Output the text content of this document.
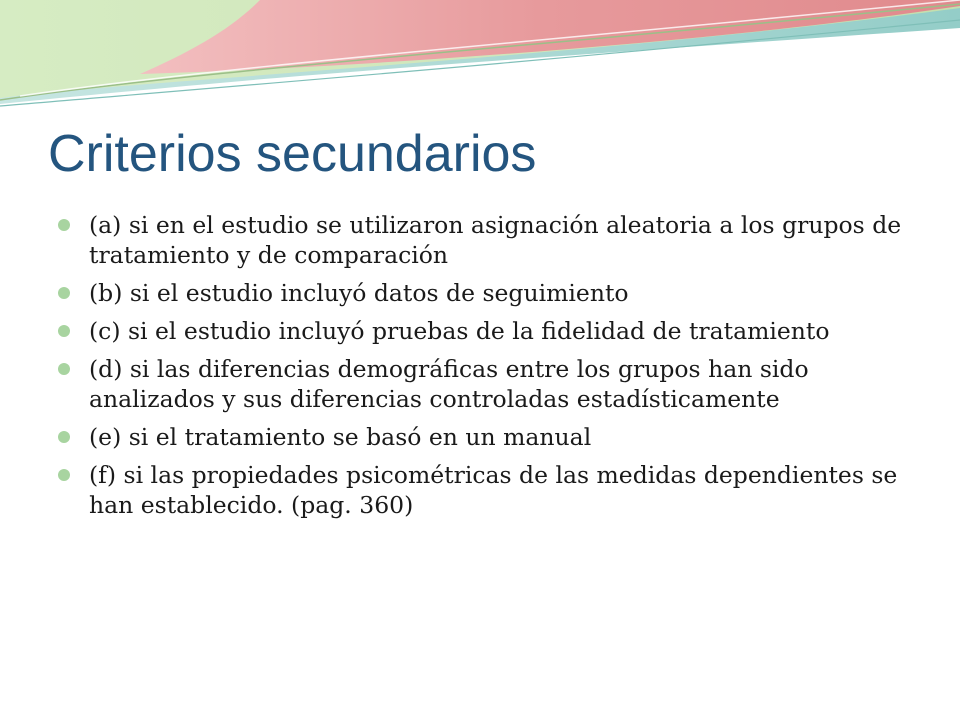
Criterios secundarios
(a) si en el estudio se utilizaron asignación aleatoria a los grupos de tratamiento y de comparación
(b) si el estudio incluyó datos de seguimiento
(c) si el estudio incluyó pruebas de la fidelidad de tratamiento
(d) si las diferencias demográficas entre los grupos han sido analizados y sus diferencias controladas estadísticamente
(e) si el tratamiento se basó en un manual
(f) si las propiedades psicométricas de las medidas dependientes se han establecido. (pag. 360)
